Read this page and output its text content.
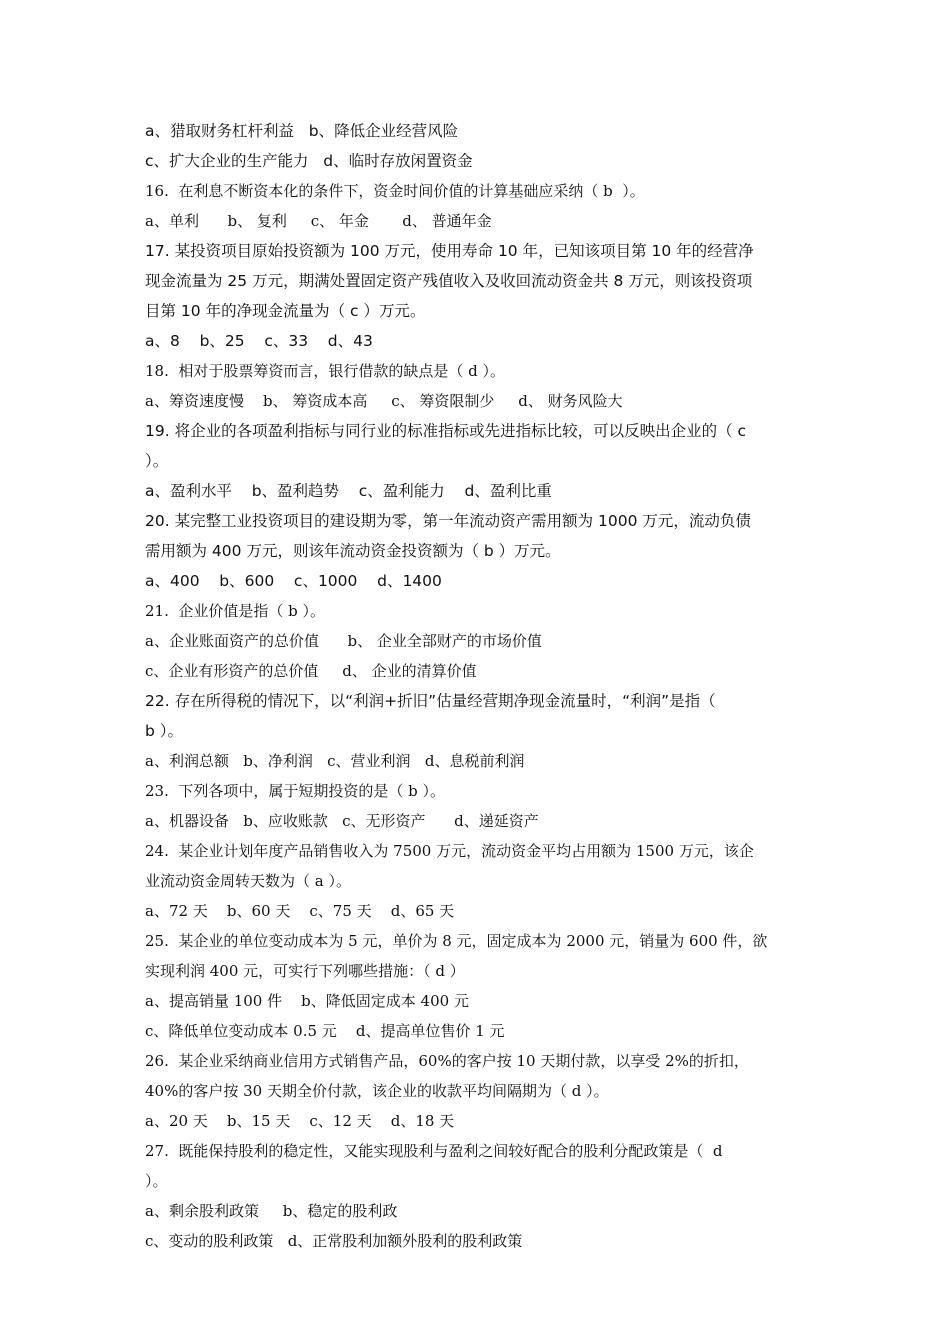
a、猎取财务杠杆利益   b、降低企业经营风险
c、扩大企业的生产能力   d、临时存放闲置资金
16.  在利息不断资本化的条件下，资金时间价值的计算基础应采纳（ b  ）。
a、单利      b、 复利     c、 年金       d、 普通年金
17. 某投资项目原始投资额为 100 万元，使用寿命 10 年，已知该项目第 10 年的经营净
现金流量为 25 万元，期满处置固定资产残值收入及收回流动资金共 8 万元，则该投资项
目第 10 年的净现金流量为（ c ）万元。
a、8    b、25    c、33    d、43
18.  相对于股票筹资而言，银行借款的缺点是（ d ）。
a、筹资速度慢    b、 筹资成本高     c、 筹资限制少     d、 财务风险大
19. 将企业的各项盈利指标与同行业的标准指标或先进指标比较，可以反映出企业的（ c
）。
a、盈利水平    b、盈利趋势    c、盈利能力    d、盈利比重
20. 某完整工业投资项目的建设期为零，第一年流动资产需用额为 1000 万元，流动负债
需用额为 400 万元，则该年流动资金投资额为（ b ）万元。
a、400    b、600    c、1000    d、1400
21.  企业价值是指（ b ）。
a、企业账面资产的总价值      b、 企业全部财产的市场价值
c、企业有形资产的总价值     d、 企业的清算价值
22. 存在所得税的情况下，以“利润+折旧”估量经营期净现金流量时，“利润”是指（
b ）。
a、利润总额   b、净利润   c、营业利润   d、息税前利润
23.  下列各项中，属于短期投资的是（ b ）。
a、机器设备   b、应收账款   c、无形资产      d、递延资产
24.  某企业计划年度产品销售收入为 7500 万元，流动资金平均占用额为 1500 万元，该企
业流动资金周转天数为（ a ）。
a、72 天    b、60 天    c、75 天    d、65 天
25.  某企业的单位变动成本为 5 元，单价为 8 元，固定成本为 2000 元，销量为 600 件，欲
实现利润 400 元，可实行下列哪些措施：（ d ）
a、提高销量 100 件    b、降低固定成本 400 元
c、降低单位变动成本 0.5 元    d、提高单位售价 1 元
26.  某企业采纳商业信用方式销售产品，60%的客户按 10 天期付款，以享受 2%的折扣，
40%的客户按 30 天期全价付款，该企业的收款平均间隔期为（ d ）。
a、20 天    b、15 天    c、12 天    d、18 天
27.  既能保持股利的稳定性，又能实现股利与盈利之间较好配合的股利分配政策是（  d
）。
a、剩余股利政策     b、稳定的股利政
c、变动的股利政策   d、正常股利加额外股利的股利政策
